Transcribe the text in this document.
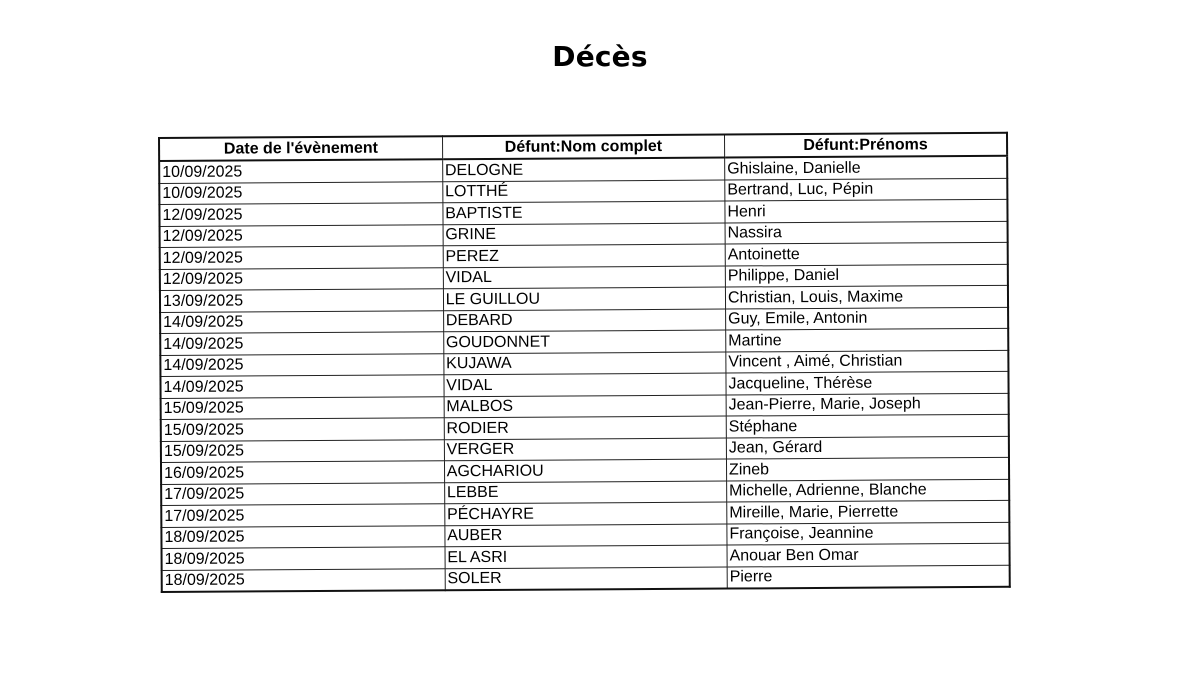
Décès
Date de l'évènement	Défunt:Nom complet	Défunt:Prénoms
10/09/2025	DELOGNE	Ghislaine, Danielle
10/09/2025	LOTTHÉ	Bertrand, Luc, Pépin
12/09/2025	BAPTISTE	Henri
12/09/2025	GRINE	Nassira
12/09/2025	PEREZ	Antoinette
12/09/2025	VIDAL	Philippe, Daniel
13/09/2025	LE GUILLOU	Christian, Louis, Maxime
14/09/2025	DEBARD	Guy, Emile, Antonin
14/09/2025	GOUDONNET	Martine
14/09/2025	KUJAWA	Vincent , Aimé, Christian
14/09/2025	VIDAL	Jacqueline, Thérèse
15/09/2025	MALBOS	Jean-Pierre, Marie, Joseph
15/09/2025	RODIER	Stéphane
15/09/2025	VERGER	Jean, Gérard
16/09/2025	AGCHARIOU	Zineb
17/09/2025	LEBBE	Michelle, Adrienne, Blanche
17/09/2025	PÉCHAYRE	Mireille, Marie, Pierrette
18/09/2025	AUBER	Françoise, Jeannine
18/09/2025	EL ASRI	Anouar Ben Omar
18/09/2025	SOLER	Pierre
